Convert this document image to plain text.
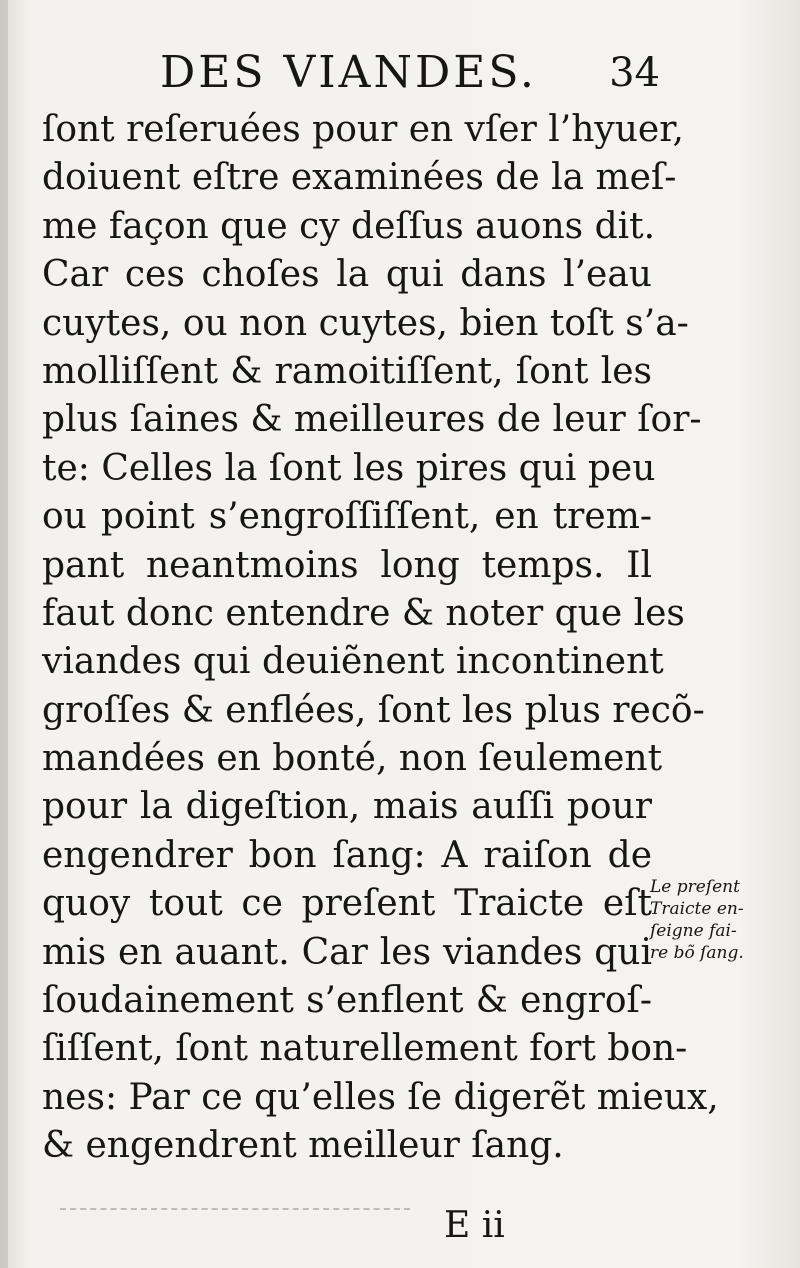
DES VIANDES. 34
ſont reſeruées pour en vſer l’hyuer,
doiuent eſtre examinées de la meſ-
me façon que cy deſſus auons dit.
Car ces choſes la qui dans l’eau
cuytes, ou non cuytes, bien toſt s’a-
molliſſent & ramoitiſſent, ſont les
plus ſaines & meilleures de leur ſor-
te: Celles la ſont les pires qui peu
ou point s’engroſſiſſent, en trem-
pant neantmoins long temps. Il
faut donc entendre & noter que les
viandes qui deuiẽnent incontinent
groſſes & enflées, ſont les plus recõ-
mandées en bonté, non ſeulement
pour la digeſtion, mais auſſi pour
engendrer bon ſang: A raiſon de
quoy tout ce preſent Traicte eſt
mis en auant. Car les viandes qui
ſoudainement s’enflent & engroſ-
ſiſſent, ſont naturellement fort bon-
nes: Par ce qu’elles ſe digerẽt mieux,
& engendrent meilleur ſang.
Le preſent
Traicte en-
ſeigne fai-
re bõ ſang.
E ii
